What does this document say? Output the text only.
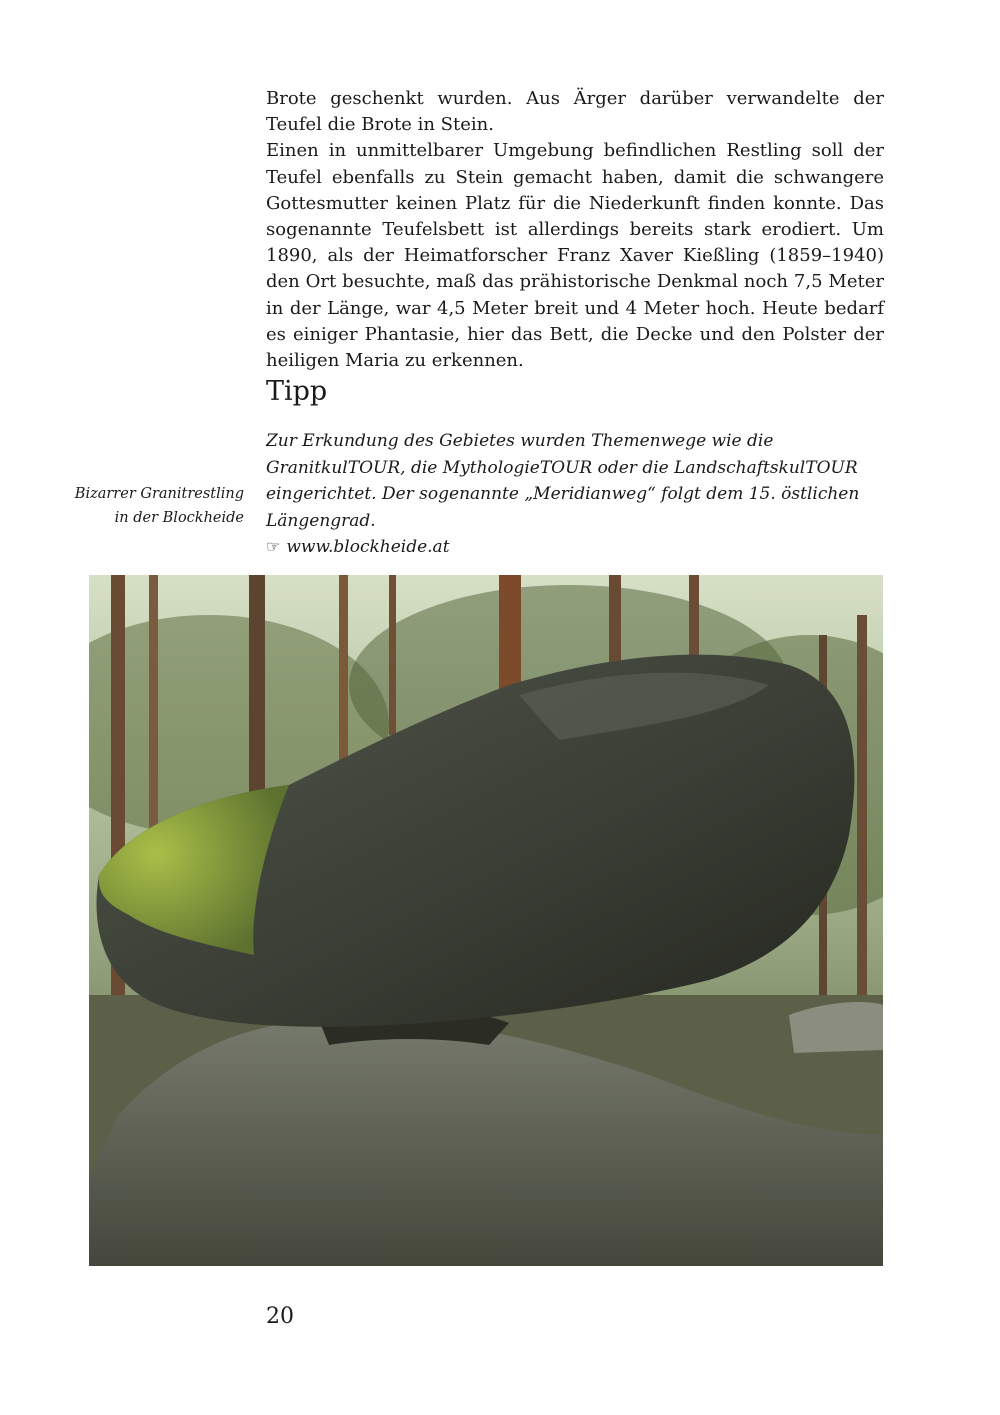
Brote geschenkt wurden. Aus Ärger darüber verwandelte der Teufel die Brote in Stein.

Einen in unmittelbarer Umgebung befindlichen Restling soll der Teufel ebenfalls zu Stein gemacht haben, damit die schwangere Gottesmutter keinen Platz für die Niederkunft finden konnte. Das sogenannte Teufelsbett ist allerdings bereits stark erodiert. Um 1890, als der Heimatforscher Franz Xaver Kießling (1859–1940) den Ort besuchte, maß das prähistorische Denkmal noch 7,5 Meter in der Länge, war 4,5 Meter breit und 4 Meter hoch. Heute bedarf es einiger Phantasie, hier das Bett, die Decke und den Polster der heiligen Maria zu erkennen.

Tipp

Zur Erkundung des Gebietes wurden Themenwege wie die GranitkulTOUR, die MythologieTOUR oder die LandschaftskulTOUR eingerichtet. Der sogenannte „Meridianweg“ folgt dem 15. östlichen Längengrad.

☞ www.blockheide.at
Bizarrer Granitrestling
in der Blockheide

20
